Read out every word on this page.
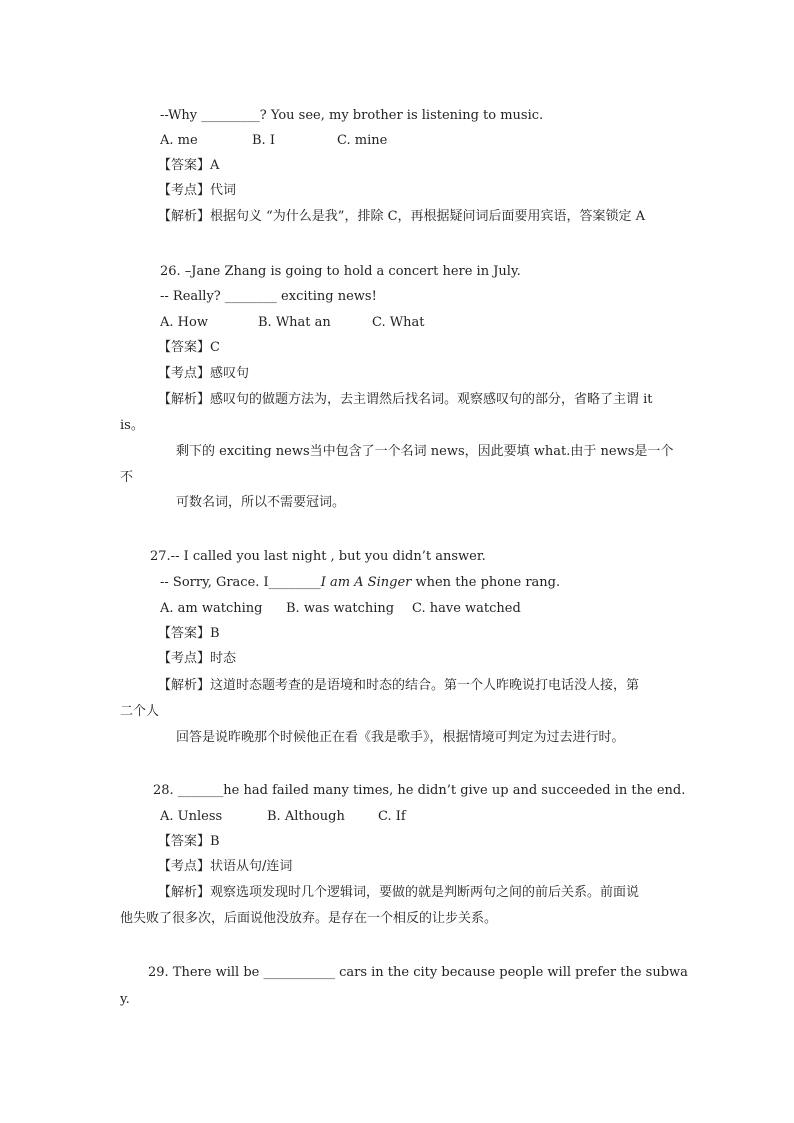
--Why _________? You see, my brother is listening to music.
A. me	B. I	C. mine
【答案】A
【考点】代词
【解析】根据句义 “为什么是我”，排除 C，再根据疑问词后面要用宾语，答案锁定 A
26. –Jane Zhang is going to hold a concert here in July.
-- Really? ________ exciting news!
A. How	B. What an	C. What
【答案】C
【考点】感叹句
【解析】感叹句的做题方法为，去主谓然后找名词。观察感叹句的部分，省略了主谓 it
is。
剩下的 exciting news当中包含了一个名词 news，因此要填 what.由于 news是一个
不
可数名词，所以不需要冠词。
27.-- I called you last night , but you didn’t answer.
-- Sorry, Grace. I________I am A Singer when the phone rang.
A. am watching B. was watching C. have watched
【答案】B
【考点】时态
【解析】这道时态题考查的是语境和时态的结合。第一个人昨晚说打电话没人接，第
二个人
回答是说昨晚那个时候他正在看《我是歌手》，根据情境可判定为过去进行时。
28. _______he had failed many times, he didn’t give up and succeeded in the end.
A. Unless	B. Although	C. If
【答案】B
【考点】状语从句/连词
【解析】观察选项发现时几个逻辑词，要做的就是判断两句之间的前后关系。前面说
他失败了很多次，后面说他没放弃。是存在一个相反的让步关系。
29. There will be ___________ cars in the city because people will prefer the subwa
y.
